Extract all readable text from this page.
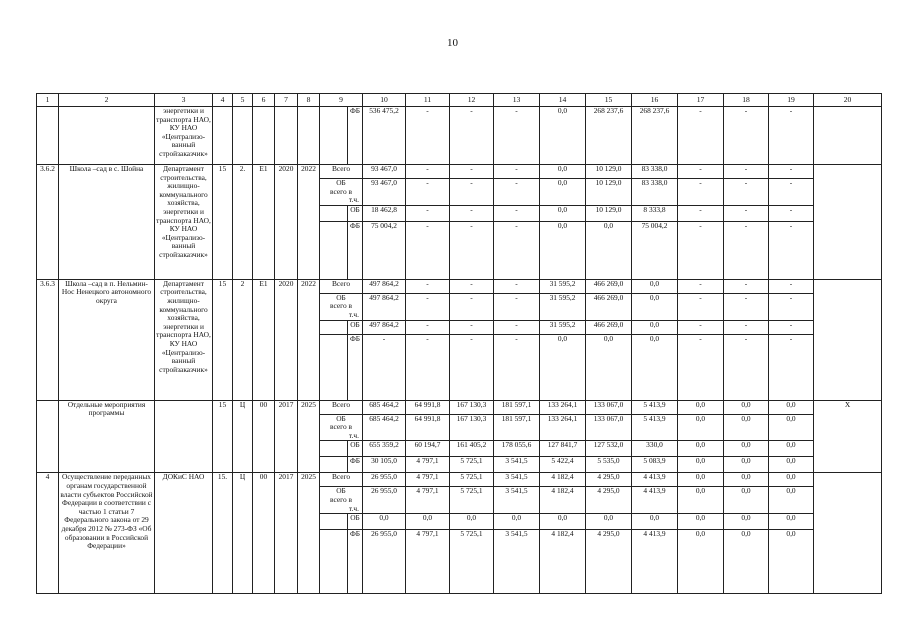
10
1	2	3	4	5	6	7	8	9		10	11	12	13	14	15	16	17	18	19	20
		энергетики и транспорта НАО, КУ НАО «Централизо-ванный стройзаказчик»							ФБ	536 475,2	-	-	-	0,0	268 237,6	268 237,6	-	-	-	
3.6.2	Школа –сад в с. Шойна	Департамент строительства, жилищно-коммунального хозяйства, энергетики и транспорта НАО, КУ НАО «Централизо-ванный стройзаказчик»	15	2.	Е1	2020	2022	Всего		93 467,0	-	-	-	0,0	10 129,0	83 338,0	-	-	-	
								ОБ
всего в
т.ч.		93 467,0	-	-	-	0,0	10 129,0	83 338,0	-	-	-	
									ОБ	18 462,8	-	-	-	0,0	10 129,0	8 333,8	-	-	-	
									ФБ	75 004,2	-	-	-	0,0	0,0	75 004,2	-	-	-	
3.6.3	Школа –сад в п. Нельмин-Нос Ненецкого автономного округа	Департамент строительства, жилищно-коммунального хозяйства, энергетики и транспорта НАО, КУ НАО «Централизо-ванный стройзаказчик»	15	2	Е1	2020	2022	Всего		497 864,2	-	-	-	31 595,2	466 269,0	0,0	-	-	-	
								ОБ
всего в
т.ч.		497 864,2	-	-	-	31 595,2	466 269,0	0,0	-	-	-	
									ОБ	497 864,2	-	-	-	31 595,2	466 269,0	0,0	-	-	-	
									ФБ	-	-	-	-	0,0	0,0	0,0	-	-	-	
	Отдельные мероприятия программы		15	Ц	00	2017	2025	Всего		685 464,2	64 991,8	167 130,3	181 597,1	133 264,1	133 067,0	5 413,9	0,0	0,0	0,0	Х
								ОБ
всего в
т.ч.		685 464,2	64 991,8	167 130,3	181 597,1	133 264,1	133 067,0	5 413,9	0,0	0,0	0,0	
									ОБ	655 359,2	60 194,7	161 405,2	178 055,6	127 841,7	127 532,0	330,0	0,0	0,0	0,0	
									ФБ	30 105,0	4 797,1	5 725,1	3 541,5	5 422,4	5 535,0	5 083,9	0,0	0,0	0,0	
4	Осуществление переданных органам государственной власти субъектов Российской Федерации в соответствии с частью 1 статьи 7 Федерального закона от 29 декабря 2012 № 273-ФЗ «Об образовании в Российской Федерации»	ДОКиС НАО	15.	Ц	00	2017	2025	Всего		26 955,0	4 797,1	5 725,1	3 541,5	4 182,4	4 295,0	4 413,9	0,0	0,0	0,0	
								ОБ
всего в
т.ч.		26 955,0	4 797,1	5 725,1	3 541,5	4 182,4	4 295,0	4 413,9	0,0	0,0	0,0	
									ОБ	0,0	0,0	0,0	0,0	0,0	0,0	0,0	0,0	0,0	0,0	
									ФБ	26 955,0	4 797,1	5 725,1	3 541,5	4 182,4	4 295,0	4 413,9	0,0	0,0	0,0	
